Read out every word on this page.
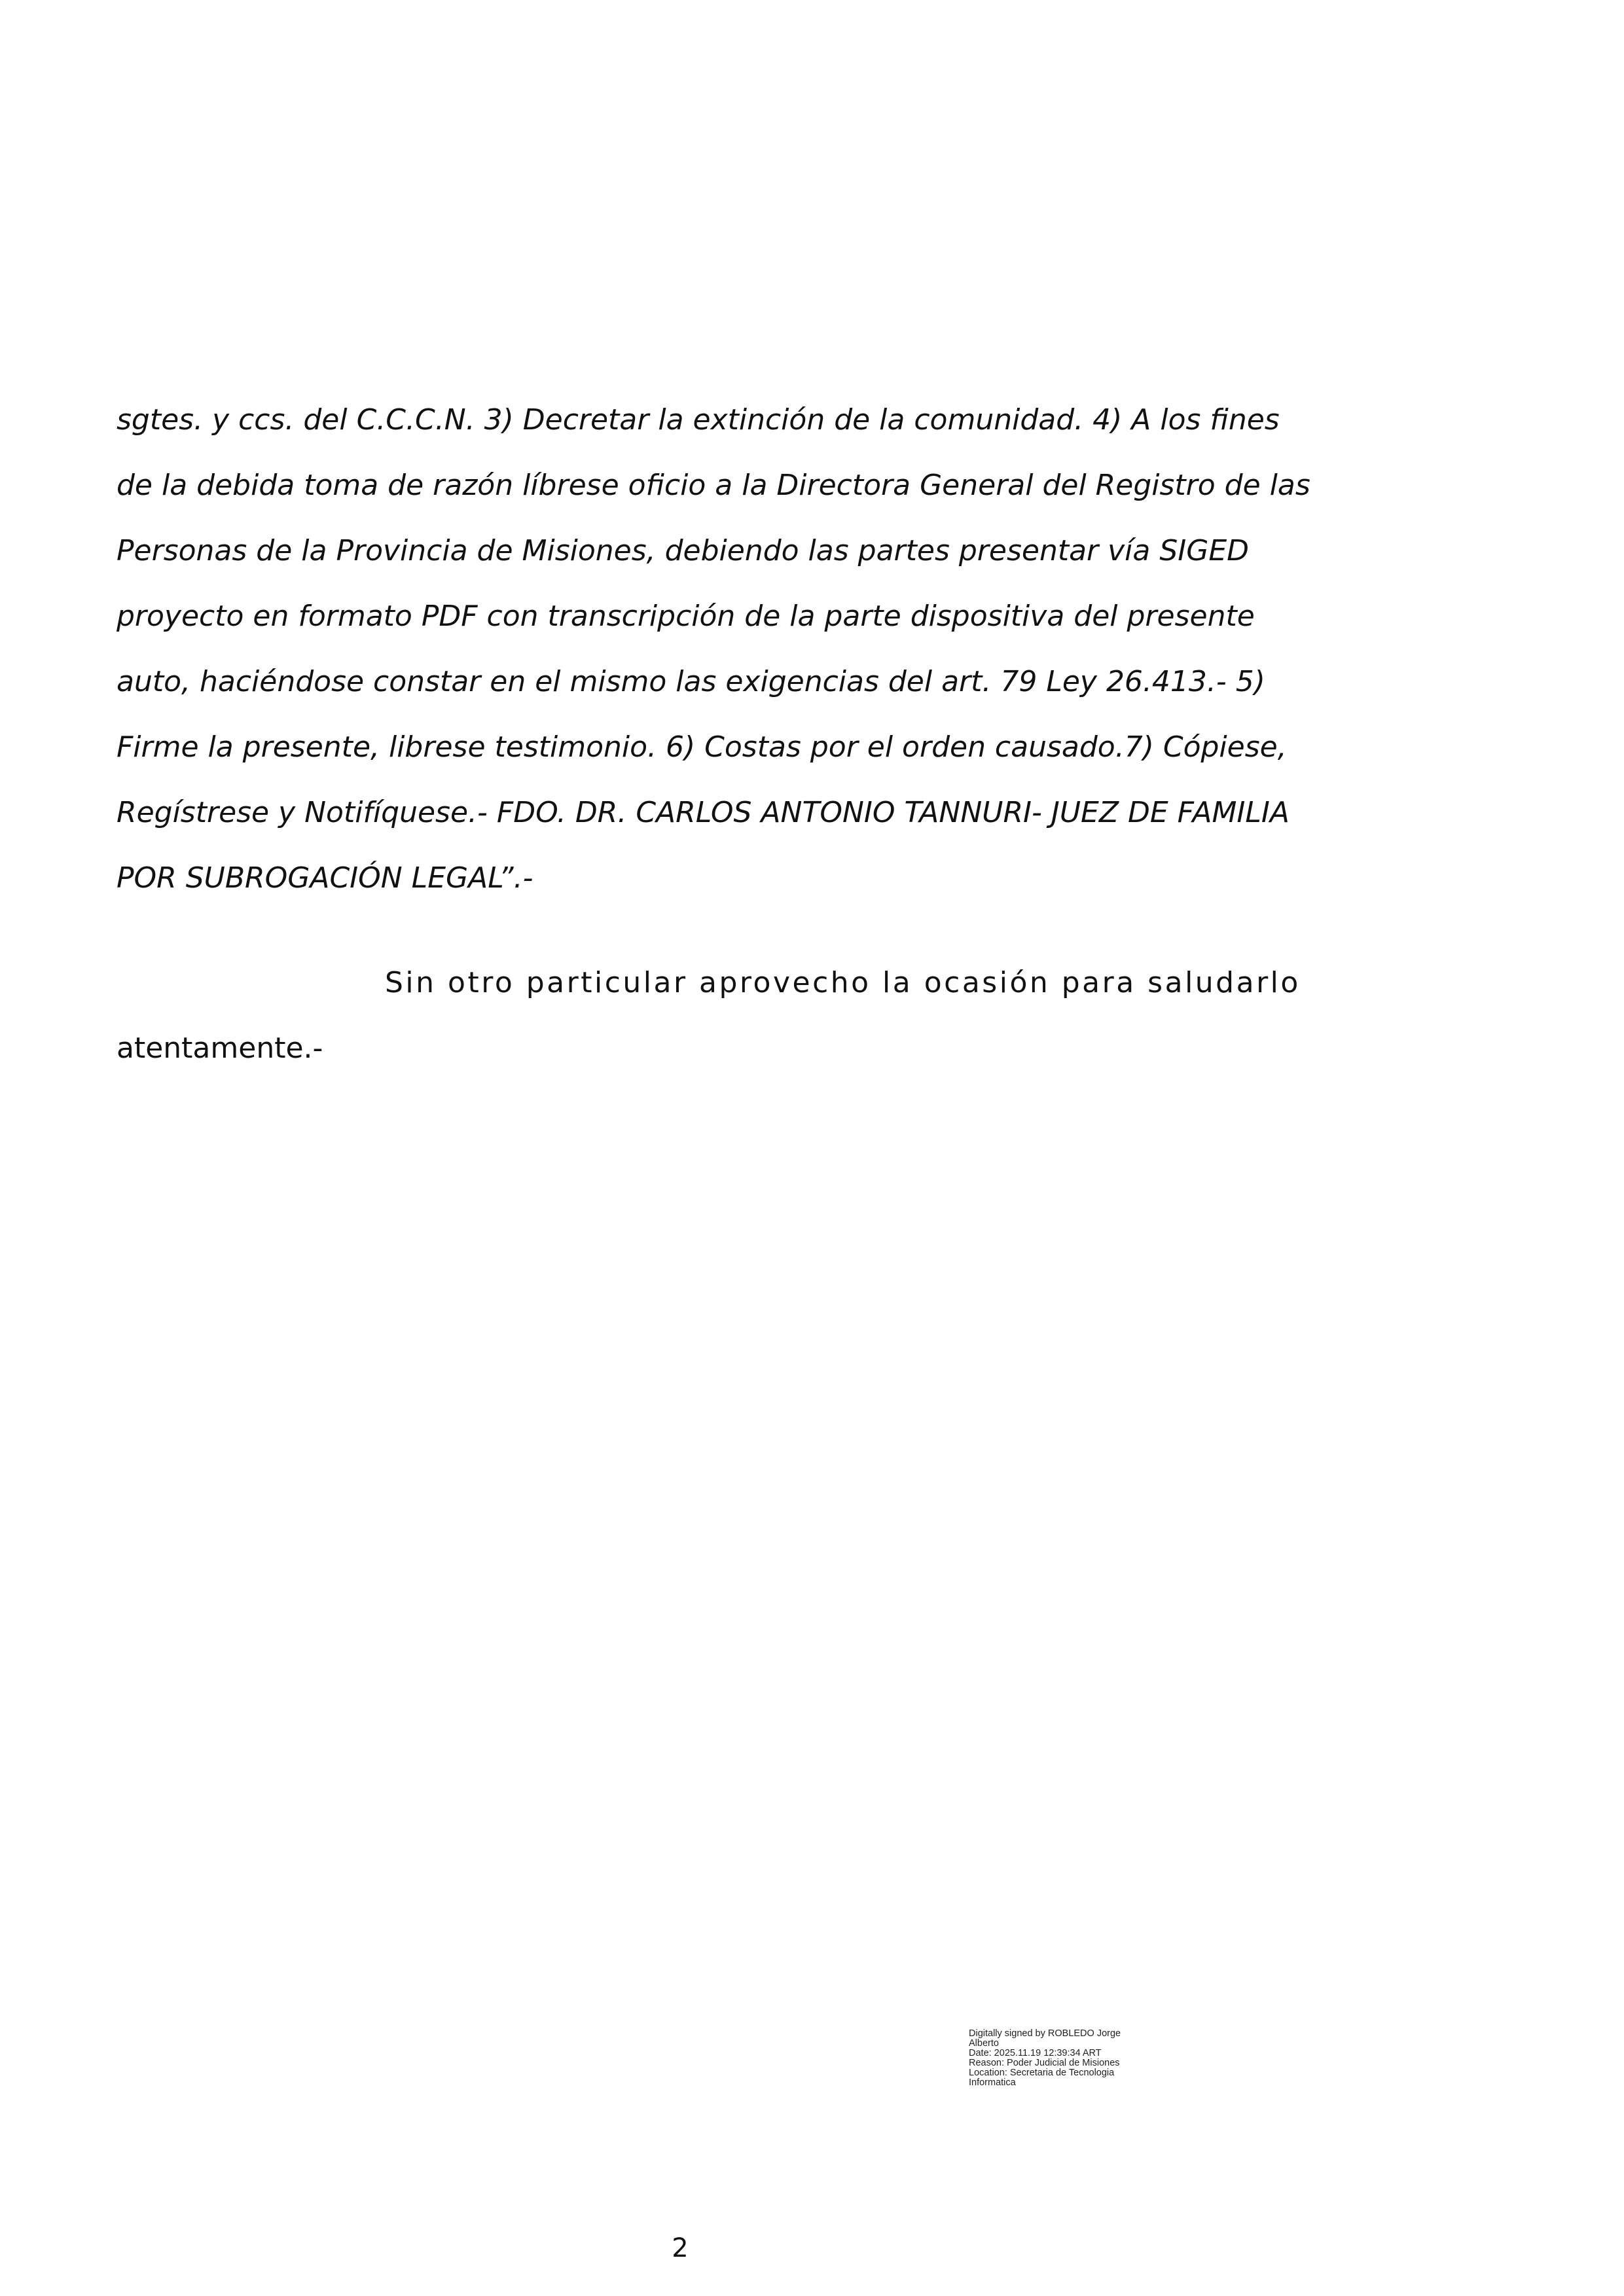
sgtes. y ccs. del C.C.C.N. 3) Decretar la extinción de la comunidad. 4) A los fines
de la debida toma de razón líbrese oficio a la Directora General del Registro de las
Personas de la Provincia de Misiones, debiendo las partes presentar vía SIGED
proyecto en formato PDF con transcripción de la parte dispositiva del presente
auto, haciéndose constar en el mismo las exigencias del art. 79 Ley 26.413.- 5)
Firme la presente, librese testimonio. 6) Costas por el orden causado.7) Cópiese,
Regístrese y Notifíquese.- FDO. DR. CARLOS ANTONIO TANNURI- JUEZ DE FAMILIA
POR SUBROGACIÓN LEGAL”.-
Sin otro particular aprovecho la ocasión para saludarlo
atentamente.-
Digitally signed by ROBLEDO Jorge
Alberto
Date: 2025.11.19 12:39:34 ART
Reason: Poder Judicial de Misiones
Location: Secretaria de Tecnologia
Informatica
2
